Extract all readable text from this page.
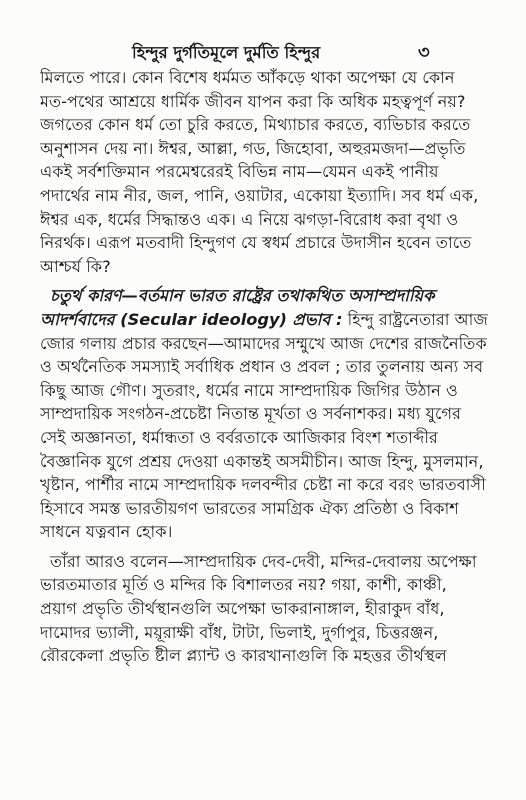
হিন্দুর দুর্গতিমূলে দুর্মতি হিন্দুর	৩
মিলতে পারে। কোন বিশেষ ধর্মমত আঁকড়ে থাকা অপেক্ষা যে কোন
মত-পথের আশ্রয়ে ধার্মিক জীবন যাপন করা কি অধিক মহত্বপূর্ণ নয়?
জগতের কোন ধর্ম তো চুরি করতে, মিথ্যাচার করতে, ব্যভিচার করতে
অনুশাসন দেয় না। ঈশ্বর, আল্লা, গড, জিহোবা, অহুরমজদা—প্রভৃতি
একই সর্বশক্তিমান পরমেশ্বরেরই বিভিন্ন নাম—যেমন একই পানীয়
পদার্থের নাম নীর, জল, পানি, ওয়াটার, একোয়া ইত্যাদি। সব ধর্ম এক,
ঈশ্বর এক, ধর্মের সিদ্ধান্তও এক। এ নিয়ে ঝগড়া-বিরোধ করা বৃথা ও
নিরর্থক। এরূপ মতবাদী হিন্দুগণ যে স্বধর্ম প্রচারে উদাসীন হবেন তাতে
আশ্চর্য কি?
চতুর্থ কারণ—বর্তমান ভারত রাষ্ট্রের তথাকথিত অসাম্প্রদায়িক
আদর্শবাদের (Secular ideology) প্রভাব : হিন্দু রাষ্ট্রনেতারা আজ
জোর গলায় প্রচার করছেন—আমাদের সম্মুখে আজ দেশের রাজনৈতিক
ও অর্থনৈতিক সমস্যাই সর্বাধিক প্রধান ও প্রবল ; তার তুলনায় অন্য সব
কিছু আজ গৌণ। সুতরাং, ধর্মের নামে সাম্প্রদায়িক জিগির উঠান ও
সাম্প্রদায়িক সংগঠন-প্রচেষ্টা নিতান্ত মূর্খতা ও সর্বনাশকর। মধ্য যুগের
সেই অজ্ঞানতা, ধর্মান্ধতা ও বর্বরতাকে আজিকার বিংশ শতাব্দীর
বৈজ্ঞানিক যুগে প্রশ্রয় দেওয়া একান্তই অসমীচীন। আজ হিন্দু, মুসলমান,
খৃষ্টান, পার্শীর নামে সাম্প্রদায়িক দলবন্দীর চেষ্টা না করে বরং ভারতবাসী
হিসাবে সমস্ত ভারতীয়গণ ভারতের সামগ্রিক ঐক্য প্রতিষ্ঠা ও বিকাশ
সাধনে যত্নবান হোক।
তাঁরা আরও বলেন—সাম্প্রদায়িক দেব-দেবী, মন্দির-দেবালয় অপেক্ষা
ভারতমাতার মূর্তি ও মন্দির কি বিশালতর নয়? গয়া, কাশী, কাঞ্চী,
প্রয়াগ প্রভৃতি তীর্থস্থানগুলি অপেক্ষা ভাকরানাঙ্গাল, হীরাকুদ বাঁধ,
দামোদর ভ্যালী, ময়ূরাক্ষী বাঁধ, টাটা, ভিলাই, দুর্গাপুর, চিত্তরঞ্জন,
রৌরকেলা প্রভৃতি ষ্টীল প্ল্যান্ট ও কারখানাগুলি কি মহত্তর তীর্থস্থল
